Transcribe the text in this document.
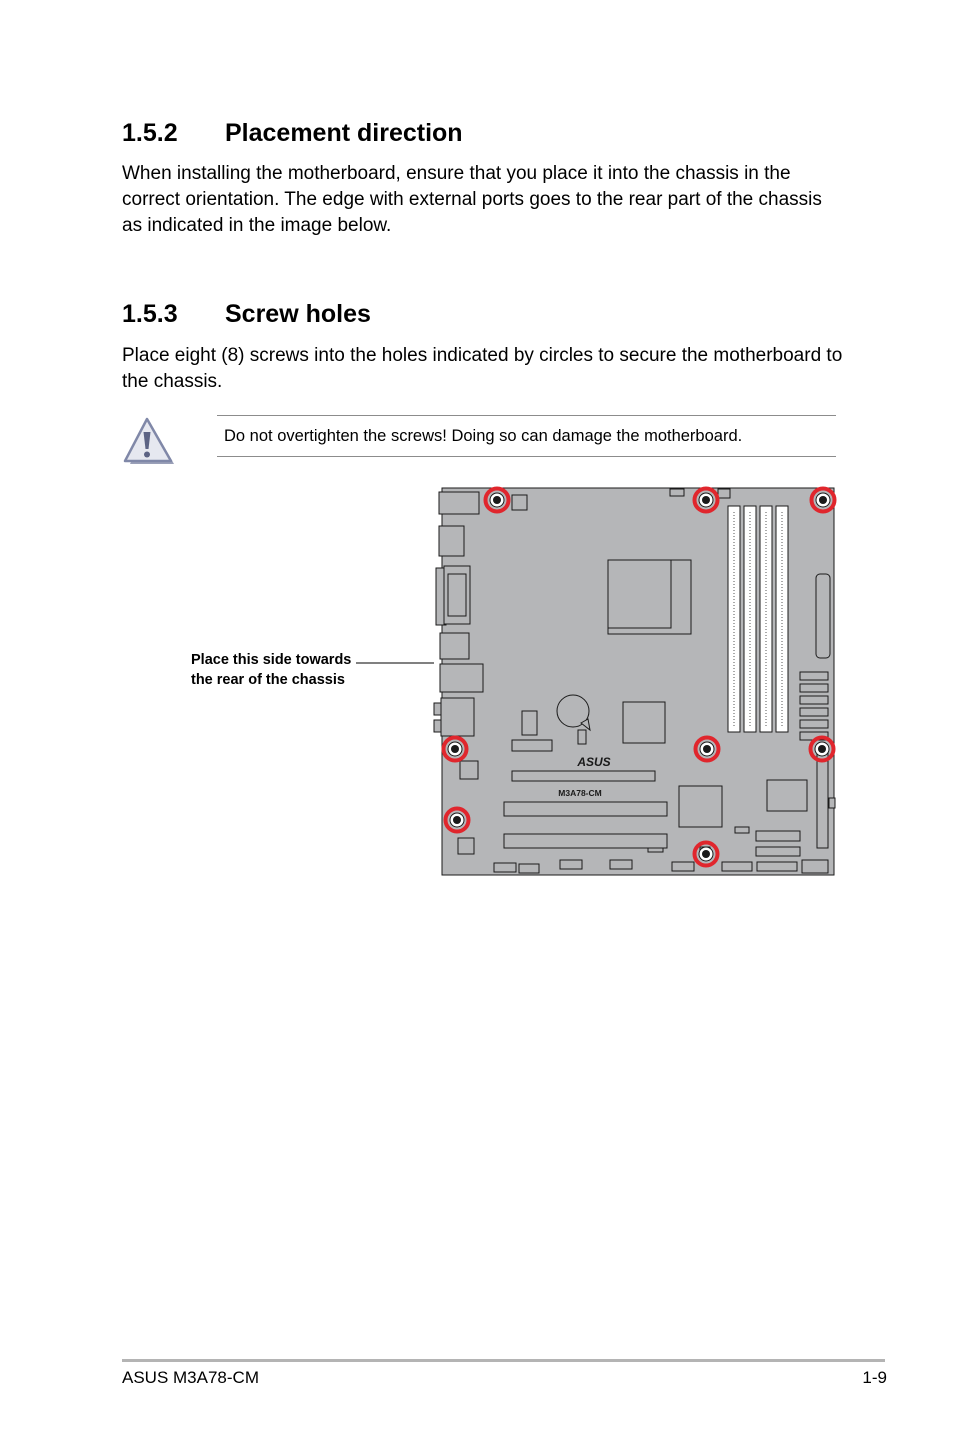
1.5.2 Placement direction

When installing the motherboard, ensure that you place it into the chassis in the correct orientation. The edge with external ports goes to the rear part of the chassis as indicated in the image below.

1.5.3 Screw holes

Place eight (8) screws into the holes indicated by circles to secure the motherboard to the chassis.

Do not overtighten the screws! Doing so can damage the motherboard.

Place this side towards
the rear of the chassis

ASUS
M3A78-CM

ASUS M3A78-CM	1-9
